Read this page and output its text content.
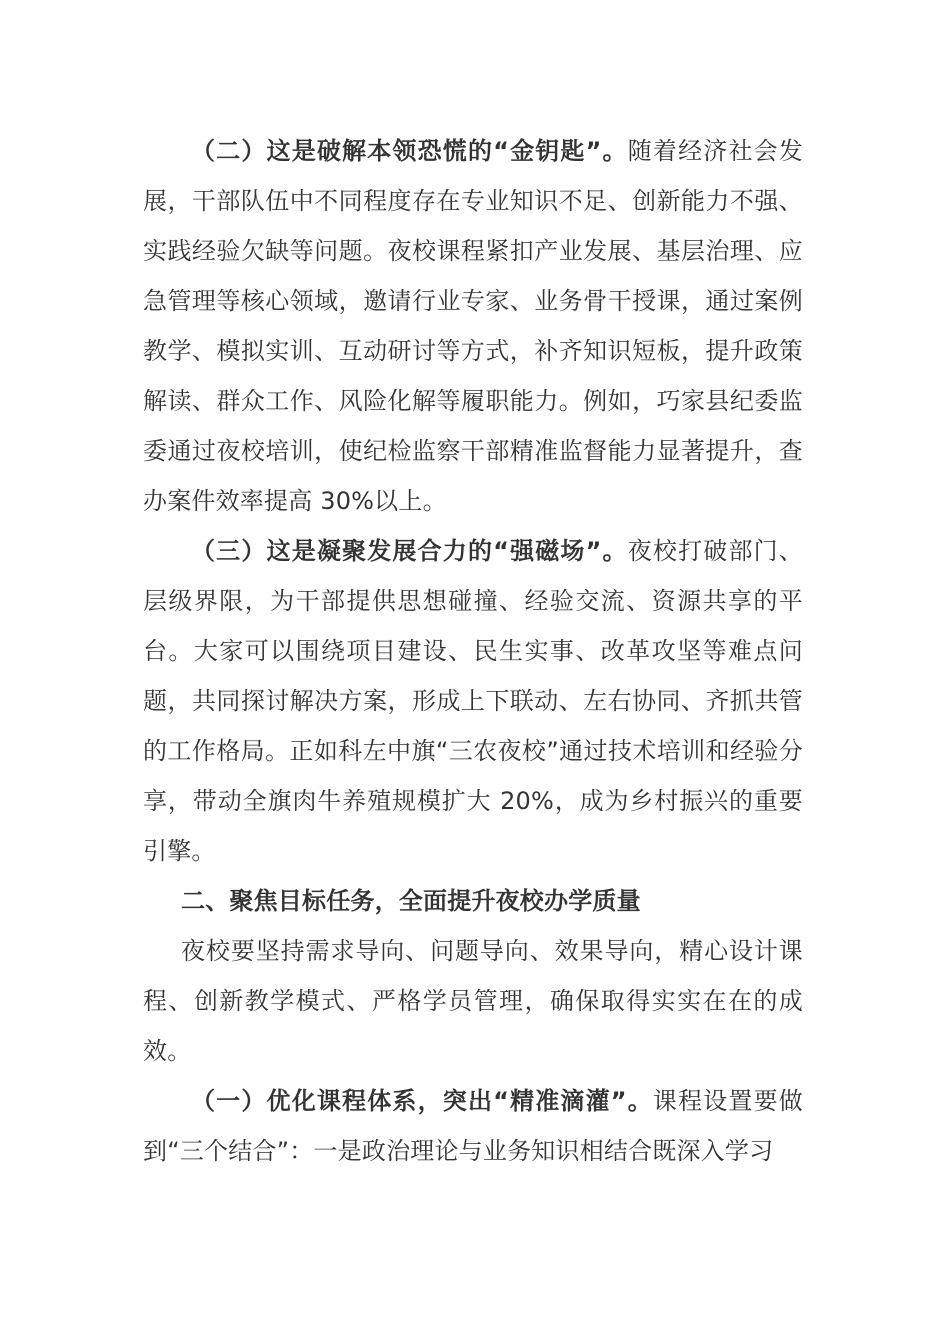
（二）这是破解本领恐慌的“金钥匙”。随着经济社会发展，干部队伍中不同程度存在专业知识不足、创新能力不强、实践经验欠缺等问题。夜校课程紧扣产业发展、基层治理、应急管理等核心领域，邀请行业专家、业务骨干授课，通过案例教学、模拟实训、互动研讨等方式，补齐知识短板，提升政策解读、群众工作、风险化解等履职能力。例如，巧家县纪委监委通过夜校培训，使纪检监察干部精准监督能力显著提升，查办案件效率提高 30%以上。

（三）这是凝聚发展合力的“强磁场”。夜校打破部门、层级界限，为干部提供思想碰撞、经验交流、资源共享的平台。大家可以围绕项目建设、民生实事、改革攻坚等难点问题，共同探讨解决方案，形成上下联动、左右协同、齐抓共管的工作格局。正如科左中旗“三农夜校”通过技术培训和经验分享，带动全旗肉牛养殖规模扩大 20%，成为乡村振兴的重要引擎。

二、聚焦目标任务，全面提升夜校办学质量

夜校要坚持需求导向、问题导向、效果导向，精心设计课程、创新教学模式、严格学员管理，确保取得实实在在的成效。

（一）优化课程体系，突出“精准滴灌”。课程设置要做到“三个结合”：一是政治理论与业务知识相结合既深入学习
